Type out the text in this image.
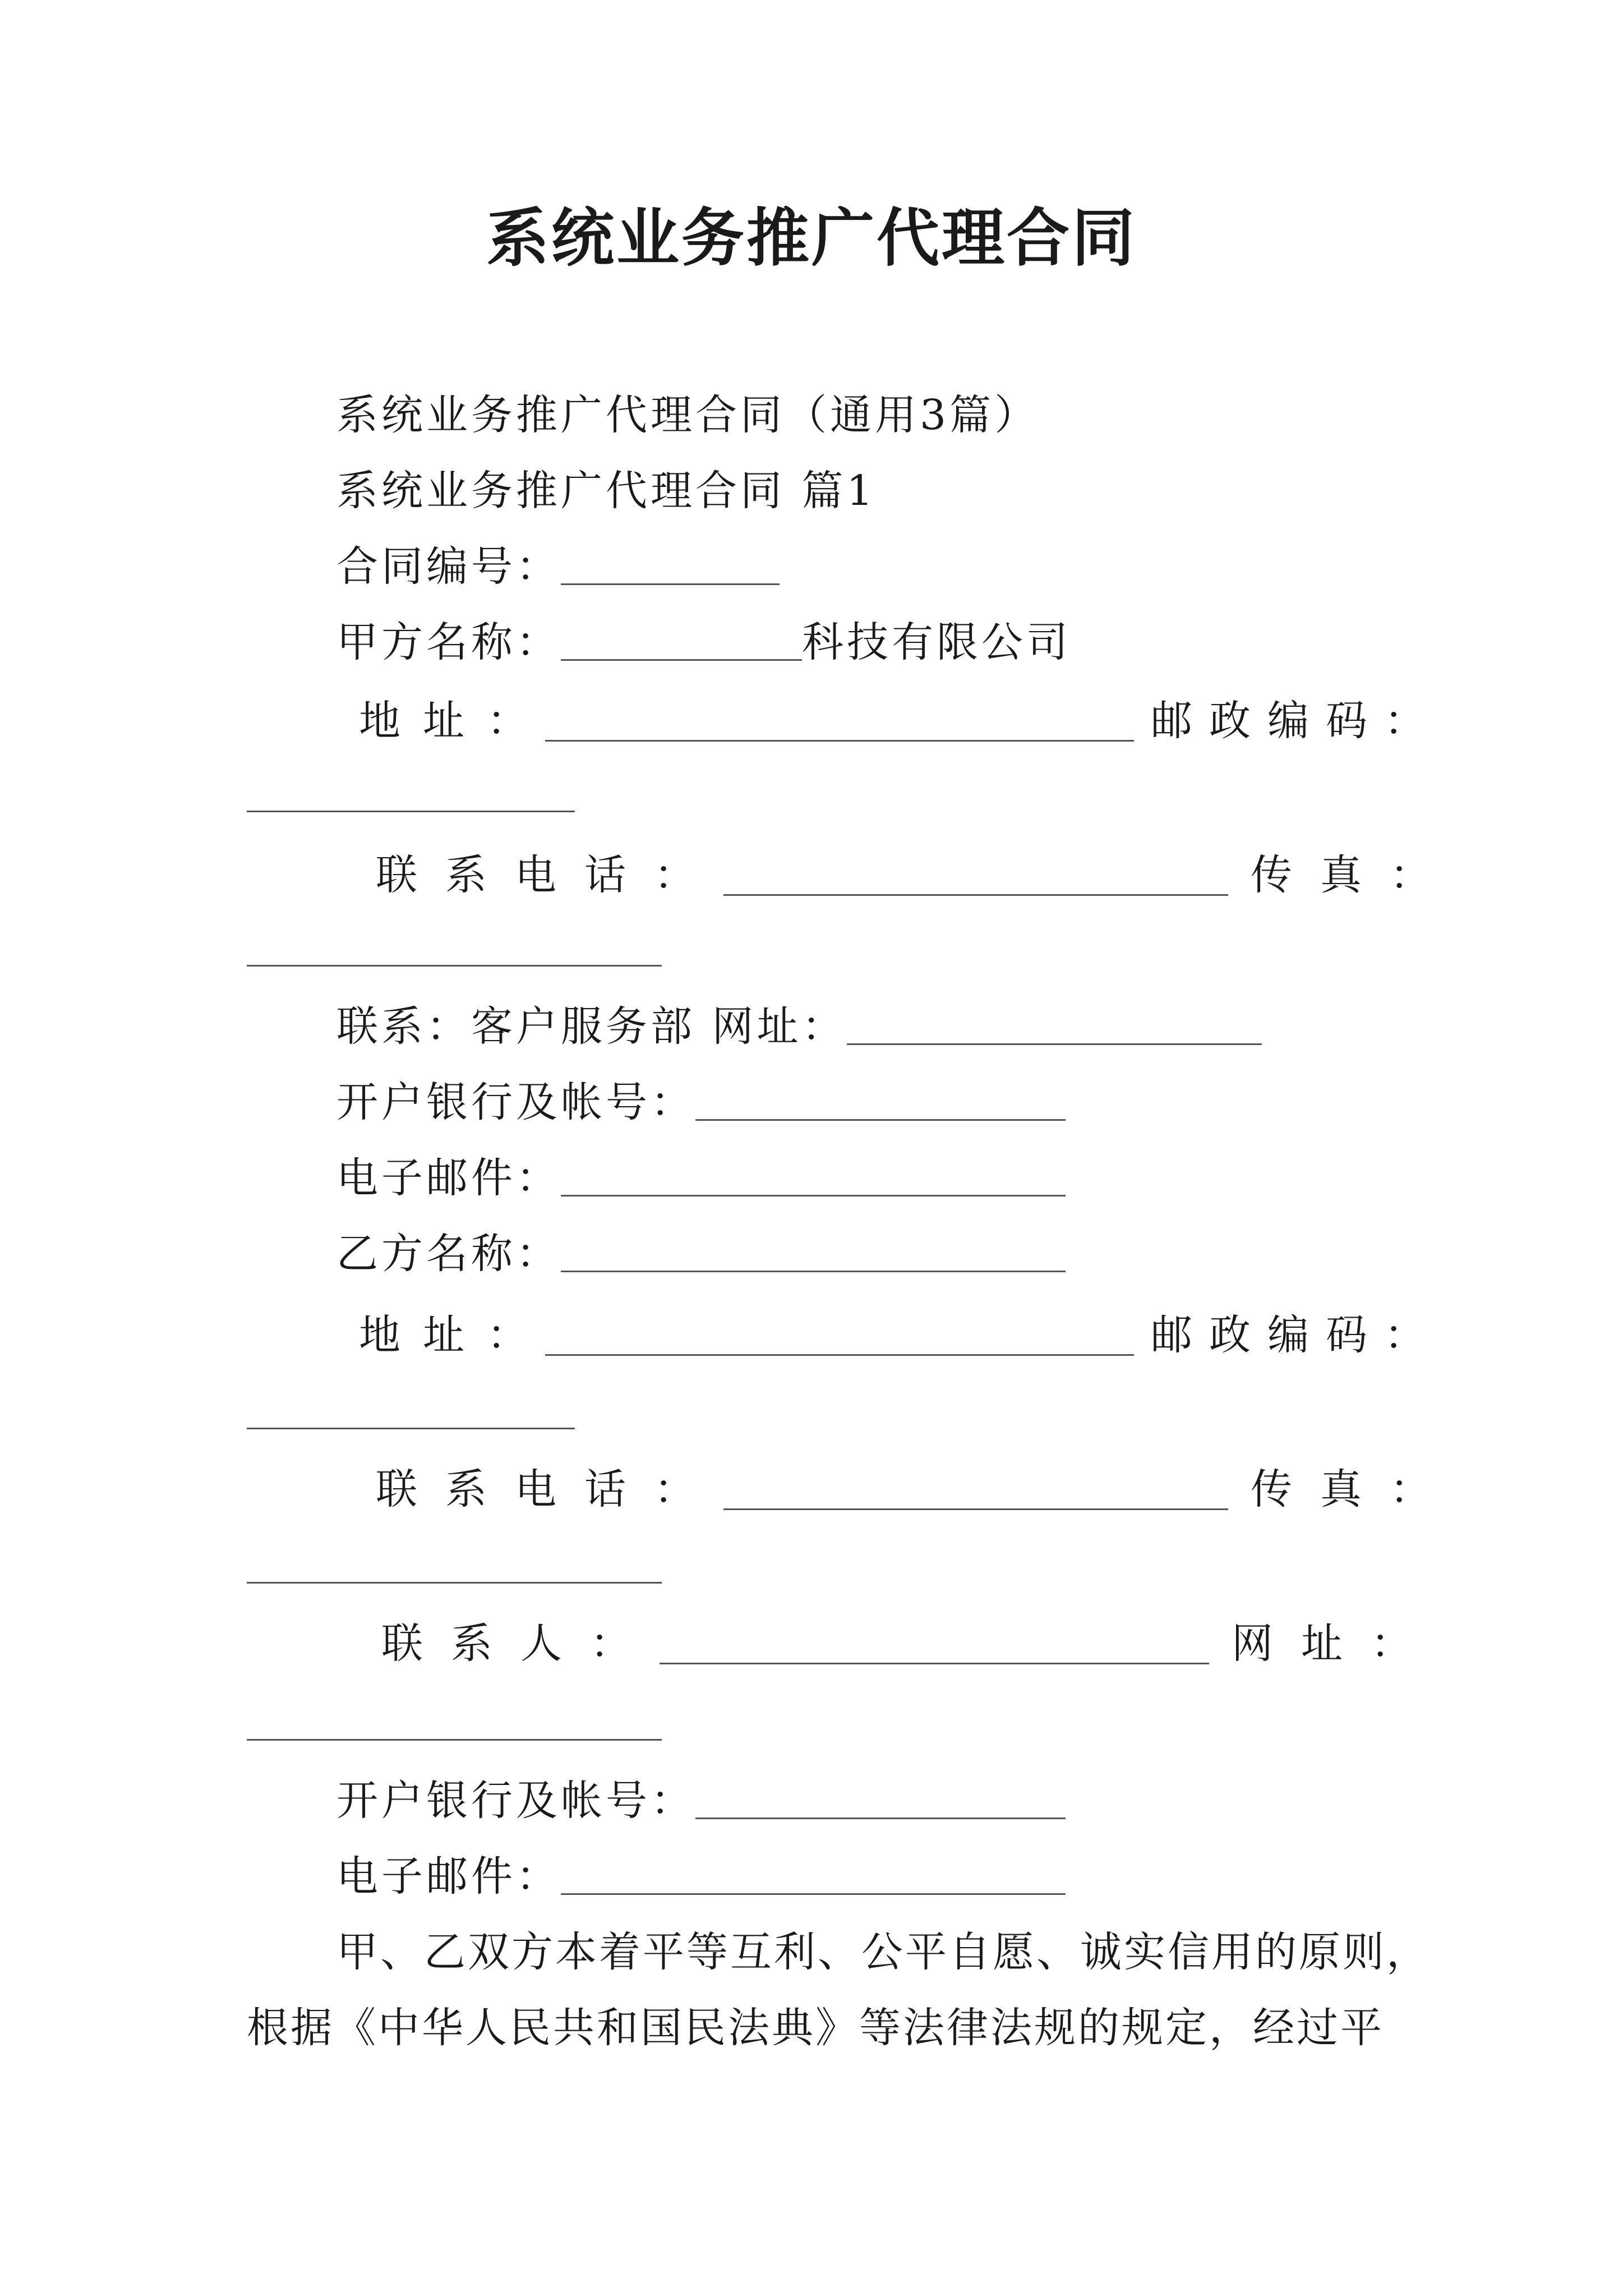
系统业务推广代理合同
系统业务推广代理合同（通用3篇）
系统业务推广代理合同 篇1
合同编号：
甲方名称：	科技有限公司
地址：	邮政编码：
联系电话：	传真：
联系：客户服务部 网址：
开户银行及帐号：
电子邮件：
乙方名称：
地址：	邮政编码：
联系电话：	传真：
联系人：	网址：
开户银行及帐号：
电子邮件：
甲、乙双方本着平等互利、公平自愿、诚实信用的原则，
根据《中华人民共和国民法典》等法律法规的规定，经过平
